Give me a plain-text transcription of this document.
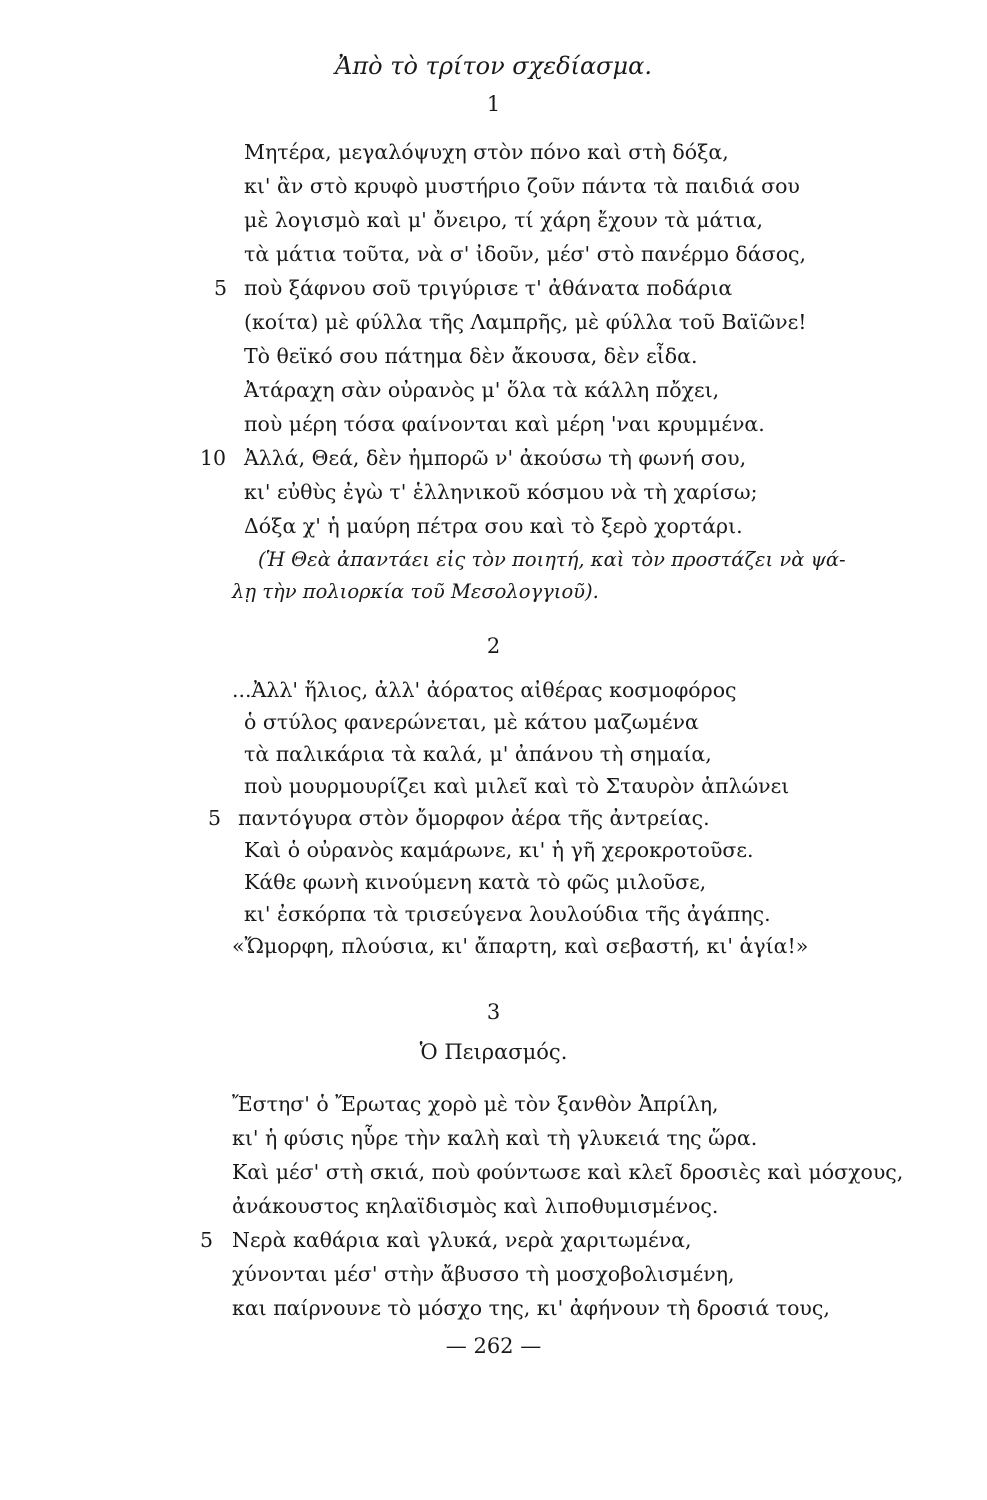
Ἀπὸ τὸ τρίτον σχεδίασμα.
1
Μητέρα, μεγαλόψυχη στὸν πόνο καὶ στὴ δόξα,
κι' ἂν στὸ κρυφὸ μυστήριο ζοῦν πάντα τὰ παιδιά σου
μὲ λογισμὸ καὶ μ' ὄνειρο, τί χάρη ἔχουν τὰ μάτια,
τὰ μάτια τοῦτα, νὰ σ' ἰδοῦν, μέσ' στὸ πανέρμο δάσος,
5 ποὺ ξάφνου σοῦ τριγύρισε τ' ἀθάνατα ποδάρια
(κοίτα) μὲ φύλλα τῆς Λαμπρῆς, μὲ φύλλα τοῦ Βαϊῶνε!
Τὸ θεϊκό σου πάτημα δὲν ἄκουσα, δὲν εἶδα.
Ἀτάραχη σὰν οὐρανὸς μ' ὅλα τὰ κάλλη πὄχει,
ποὺ μέρη τόσα φαίνονται καὶ μέρη 'ναι κρυμμένα.
10 Ἀλλά, Θεά, δὲν ἠμπορῶ ν' ἀκούσω τὴ φωνή σου,
κι' εὐθὺς ἐγὼ τ' ἑλληνικοῦ κόσμου νὰ τὴ χαρίσω;
Δόξα χ' ἡ μαύρη πέτρα σου καὶ τὸ ξερὸ χορτάρι.
(Ἡ Θεὰ ἀπαντάει εἰς τὸν ποιητή, καὶ τὸν προστάζει νὰ ψά-
λῃ τὴν πολιορκία τοῦ Μεσολογγιοῦ).
2
...Ἀλλ' ἥλιος, ἀλλ' ἀόρατος αἰθέρας κοσμοφόρος
ὁ στύλος φανερώνεται, μὲ κάτου μαζωμένα
τὰ παλικάρια τὰ καλά, μ' ἀπάνου τὴ σημαία,
ποὺ μουρμουρίζει καὶ μιλεῖ καὶ τὸ Σταυρὸν ἁπλώνει
5 παντόγυρα στὸν ὄμορφον ἀέρα τῆς ἀντρείας.
Καὶ ὁ οὐρανὸς καμάρωνε, κι' ἡ γῆ χεροκροτοῦσε.
Κάθε φωνὴ κινούμενη κατὰ τὸ φῶς μιλοῦσε,
κι' ἐσκόρπα τὰ τρισεύγενα λουλούδια τῆς ἀγάπης.
«Ὤμορφη, πλούσια, κι' ἄπαρτη, καὶ σεβαστή, κι' ἁγία!»
3
Ὁ Πειρασμός.
Ἔστησ' ὁ Ἔρωτας χορὸ μὲ τὸν ξανθὸν Ἀπρίλη,
κι' ἡ φύσις ηὗρε τὴν καλὴ καὶ τὴ γλυκειά της ὥρα.
Καὶ μέσ' στὴ σκιά, ποὺ φούντωσε καὶ κλεῖ δροσιὲς καὶ μόσχους,
ἀνάκουστος κηλαϊδισμὸς καὶ λιποθυμισμένος.
5 Νερὰ καθάρια καὶ γλυκά, νερὰ χαριτωμένα,
χύνονται μέσ' στὴν ἄβυσσο τὴ μοσχοβολισμένη,
και παίρνουνε τὸ μόσχο της, κι' ἀφήνουν τὴ δροσιά τους,
— 262 —
